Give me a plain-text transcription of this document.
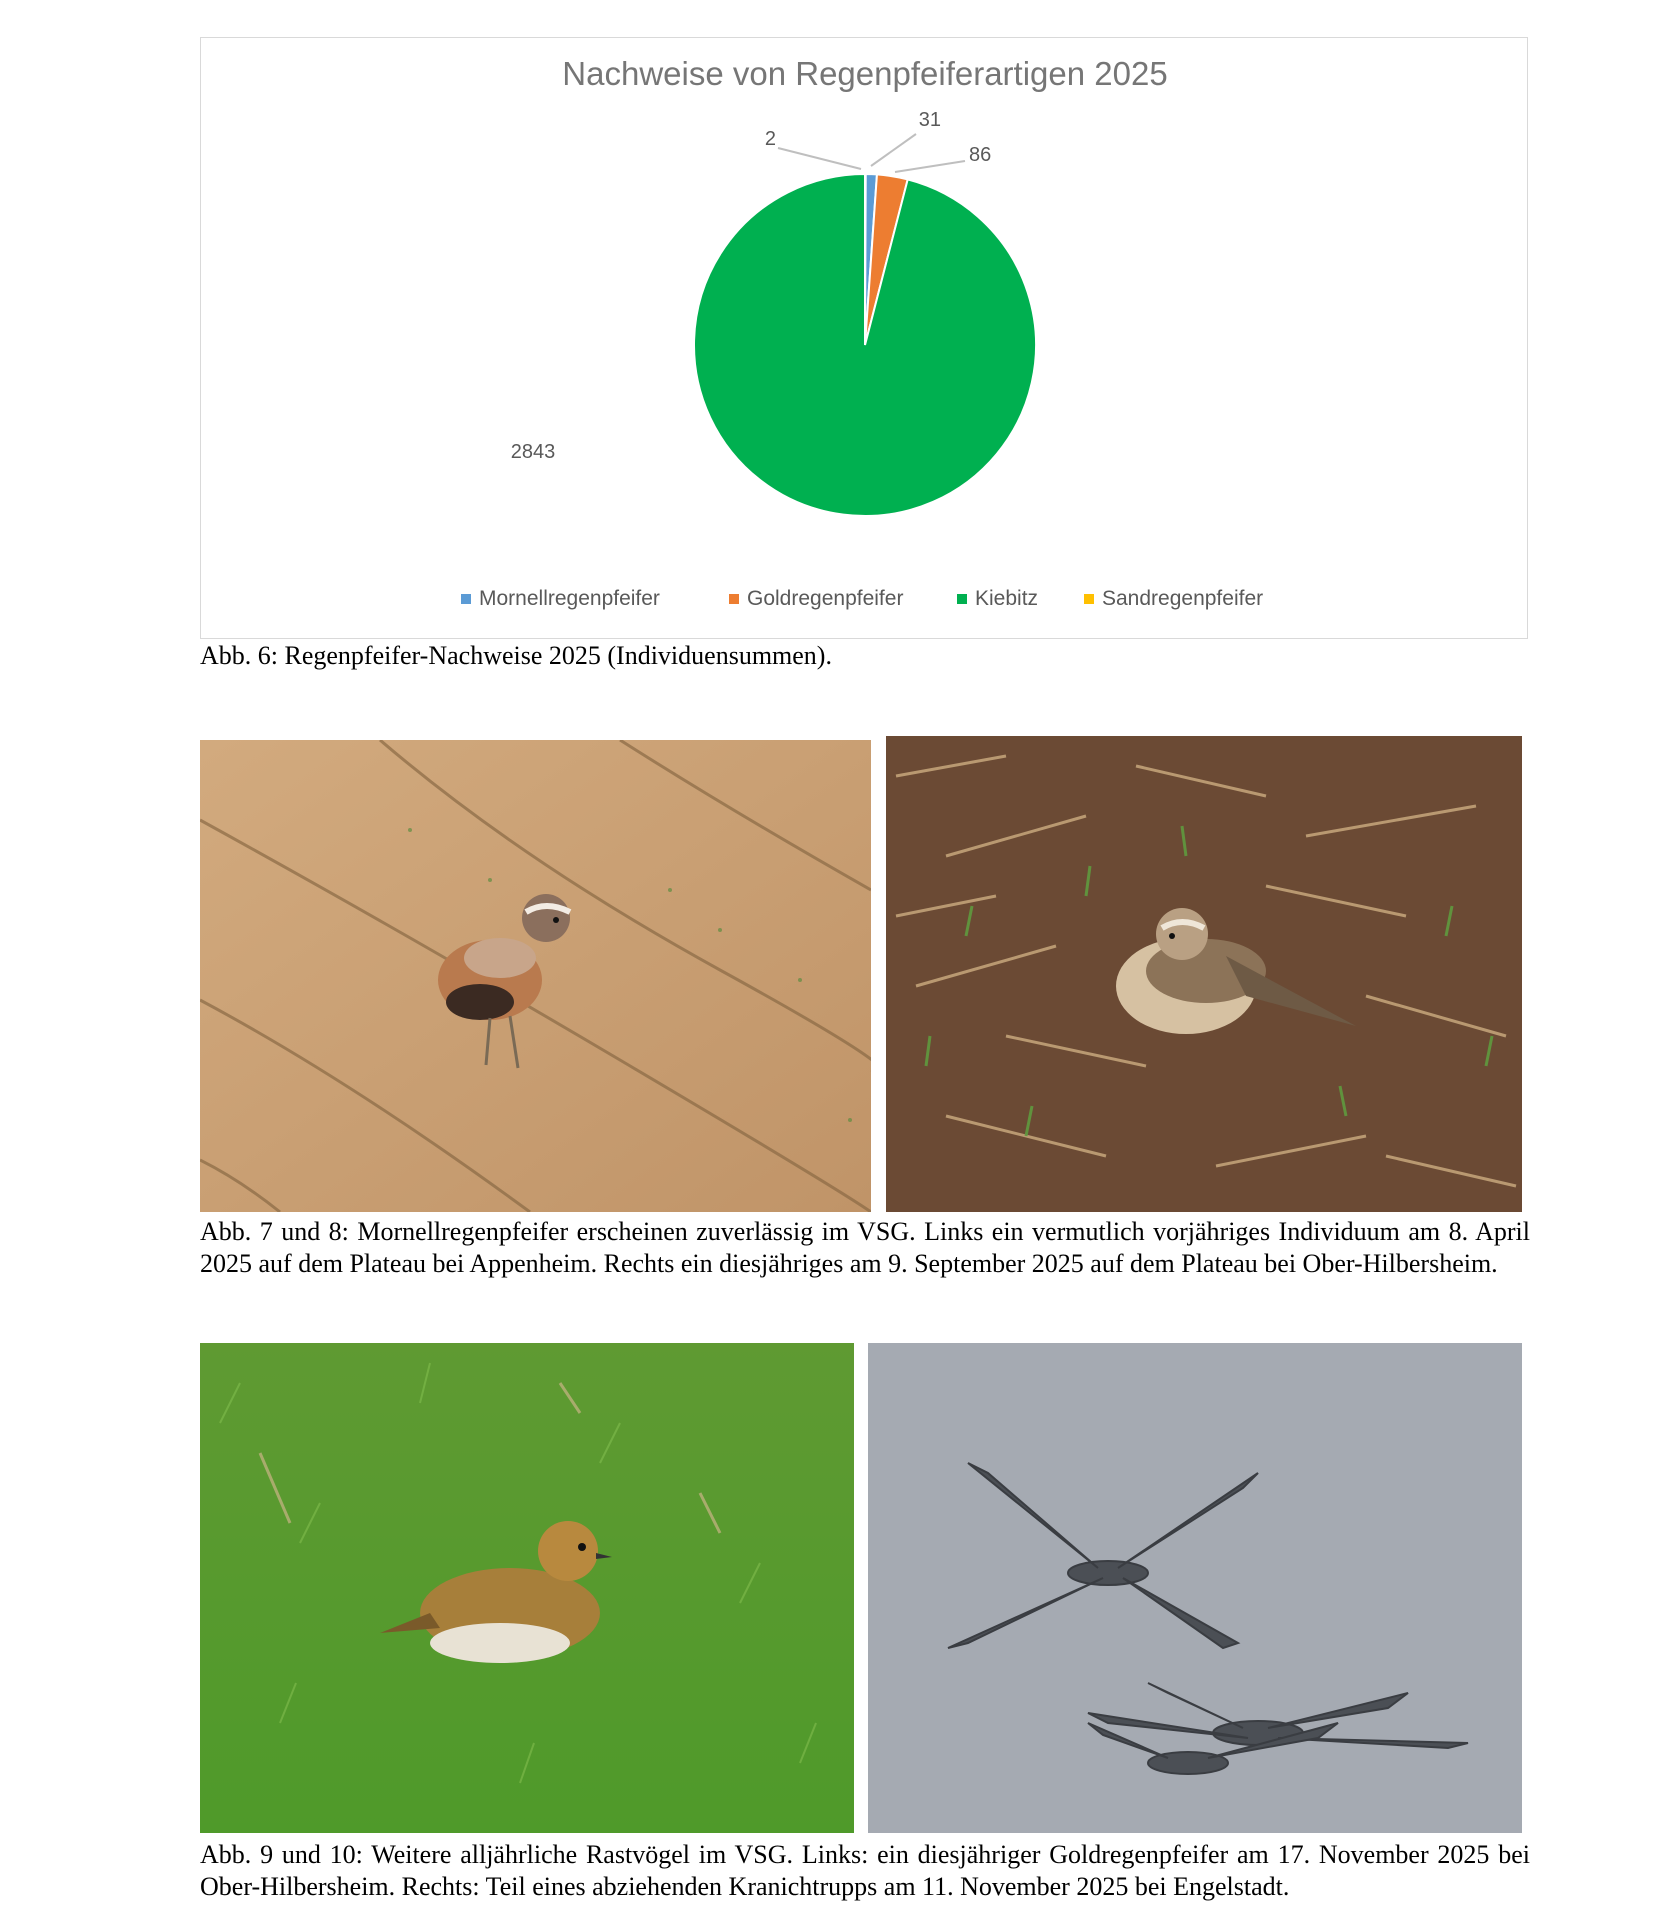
Nachweise von Regenpfeiferartigen 2025
2
31
86
2843
Mornellregenpfeifer	Goldregenpfeifer	Kiebitz	Sandregenpfeifer
Abb. 6: Regenpfeifer-Nachweise 2025 (Individuensummen).
Abb. 7 und 8: Mornellregenpfeifer erscheinen zuverlässig im VSG. Links ein vermutlich vorjähriges Individuum am 8. April 2025 auf dem Plateau bei Appenheim. Rechts ein diesjähriges am 9. September 2025 auf dem Plateau bei Ober-Hilbersheim.
Abb. 9 und 10: Weitere alljährliche Rastvögel im VSG. Links: ein diesjähriger Goldregenpfeifer am 17. November 2025 bei Ober-Hilbersheim. Rechts: Teil eines abziehenden Kranichtrupps am 11. November 2025 bei Engelstadt.
